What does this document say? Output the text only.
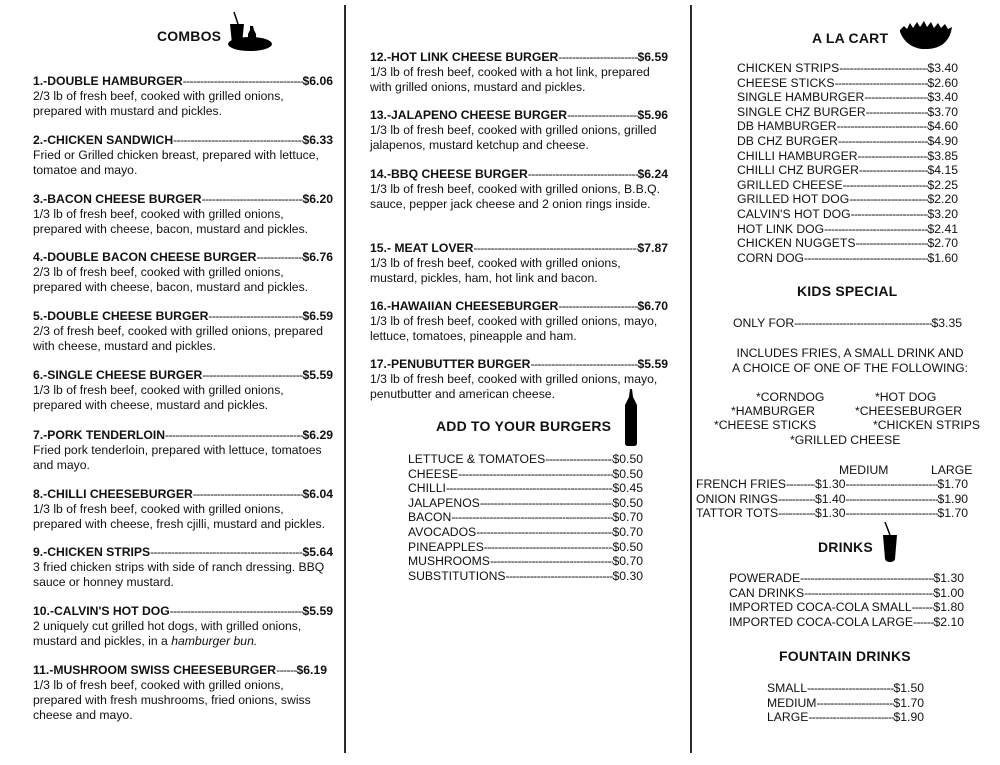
COMBOS
1.-DOUBLE HAMBURGER -----	$6.06
2/3 lb of fresh beef, cooked with grilled onions, prepared with mustard and pickles.
2.-CHICKEN SANDWICH -----	$6.33
Fried or Grilled chicken breast, prepared with lettuce, tomatoe and mayo.
3.-BACON CHEESE BURGER -----	$6.20
1/3 lb of fresh beef, cooked with grilled onions, prepared with cheese, bacon, mustard and pickles.
4.-DOUBLE BACON CHEESE BURGER -----	$6.76
2/3 lb of fresh beef, cooked with grilled onions, prepared with cheese, bacon, mustard and pickles.
5.-DOUBLE CHEESE BURGER -----	$6.59
2/3 of fresh beef, cooked with grilled onions, prepared with cheese, mustard and pickles.
6.-SINGLE CHEESE BURGER -----	$5.59
1/3 lb of fresh beef, cooked with grilled onions, prepared with cheese, mustard and pickles.
7.-PORK TENDERLOIN -----	$6.29
Fried pork tenderloin, prepared with lettuce, tomatoes and mayo.
8.-CHILLI CHEESEBURGER -----	$6.04
1/3 lb of fresh beef, cooked with grilled onions, prepared with cheese, fresh cjilli, mustard and pickles.
9.-CHICKEN STRIPS -----	$5.64
3 fried chicken strips with side of ranch dressing. BBQ sauce or honney mustard.
10.-CALVIN'S HOT DOG -----	$5.59
2 uniquely cut grilled hot dogs, with grilled onions, mustard and pickles, in a hamburger bun.
11.-MUSHROOM SWISS CHEESEBURGER ----- $6.19
1/3 lb of fresh beef, cooked with grilled onions, prepared with fresh mushrooms, fried onions, swiss cheese and mayo.
12.-HOT LINK CHEESE BURGER -----	$6.59
1/3 lb of fresh beef, cooked with a hot link, prepared with grilled onions, mustard and pickles.
13.-JALAPENO CHEESE BURGER -----	$5.96
1/3 lb of fresh beef, cooked with grilled onions, grilled jalapenos, mustard ketchup and cheese.
14.-BBQ CHEESE BURGER -----	$6.24
1/3 lb of fresh beef, cooked with grilled onions, B.B.Q. sauce, pepper jack cheese and 2 onion rings inside.
15.- MEAT LOVER -----	$7.87
1/3 lb of fresh beef, cooked with grilled onions, mustard, pickles, ham, hot link and bacon.
16.-HAWAIIAN CHEESEBURGER -----	$6.70
1/3 lb of fresh beef, cooked with grilled onions, mayo, lettuce, tomatoes, pineapple and ham.
17.-PENUBUTTER BURGER -----	$5.59
1/3 lb of fresh beef, cooked with grilled onions, mayo, penutbutter and american cheese.
ADD TO YOUR BURGERS
LETTUCE & TOMATOES -----	$0.50
CHEESE -----	$0.50
CHILLI -----	$0.45
JALAPENOS -----	$0.50
BACON -----	$0.70
AVOCADOS -----	$0.70
PINEAPPLES -----	$0.50
MUSHROOMS -----	$0.70
SUBSTITUTIONS -----	$0.30
A LA CART
CHICKEN STRIPS -----	$3.40
CHEESE STICKS -----	$2.60
SINGLE HAMBURGER -----	$3.40
SINGLE CHZ BURGER -----	$3.70
DB HAMBURGER -----	$4.60
DB CHZ BURGER -----	$4.90
CHILLI HAMBURGER -----	$3.85
CHILLI CHZ BURGER -----	$4.15
GRILLED CHEESE -----	$2.25
GRILLED HOT DOG -----	$2.20
CALVIN'S HOT DOG -----	$3.20
HOT LINK DOG -----	$2.41
CHICKEN NUGGETS -----	$2.70
CORN DOG -----	$1.60
KIDS SPECIAL
ONLY FOR -----	$3.35
INCLUDES FRIES, A SMALL DRINK AND
A CHOICE OF ONE OF THE FOLLOWING:
*CORNDOG	*HOT DOG
*HAMBURGER	*CHEESEBURGER
*CHEESE STICKS	*CHICKEN STRIPS
*GRILLED CHEESE
MEDIUM	LARGE
FRENCH FRIES ----- $1.30 -----	$1.70
ONION RINGS -----	$1.40 -----	$1.90
TATTOR TOTS -----	$1.30 -----	$1.70
DRINKS
POWERADE -----	$1.30
CAN DRINKS -----	$1.00
IMPORTED COCA-COLA SMALL ----- $1.80
IMPORTED COCA-COLA LARGE ----- $2.10
FOUNTAIN DRINKS
SMALL -----	$1.50
MEDIUM -----	$1.70
LARGE -----	$1.90
